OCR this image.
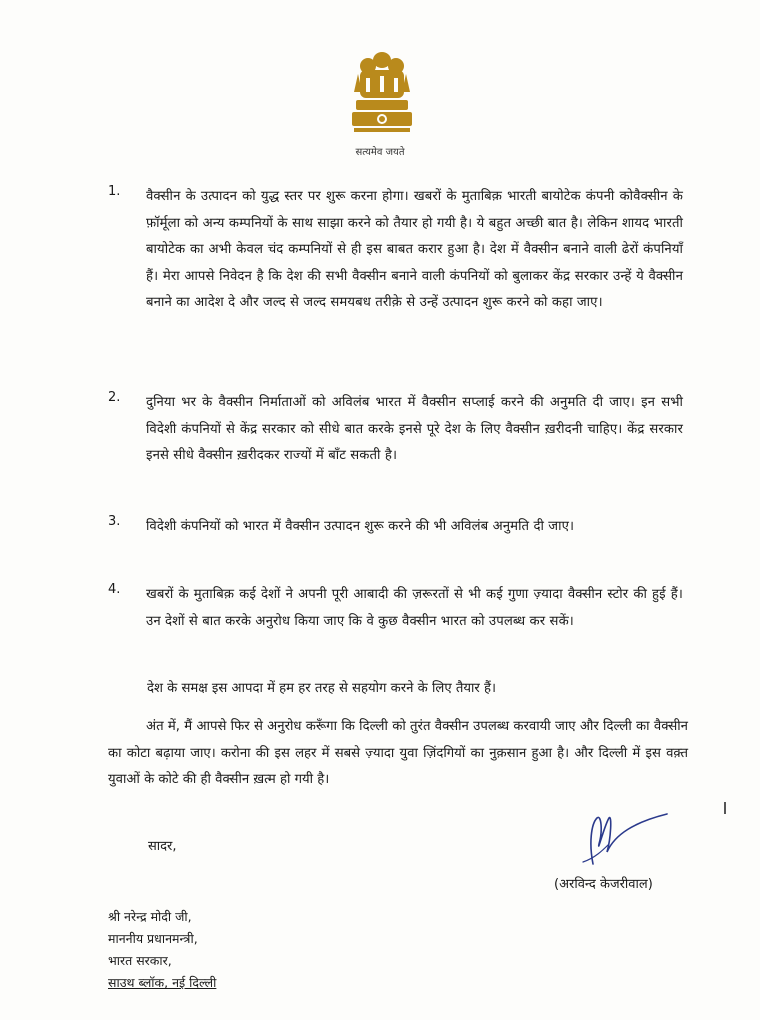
सत्यमेव जयते
1. वैक्सीन के उत्पादन को युद्ध स्तर पर शुरू करना होगा। खबरों के मुताबिक़ भारती बायोटेक कंपनी कोवैक्सीन के फ़ॉर्मूला को अन्य कम्पनियों के साथ साझा करने को तैयार हो गयी है। ये बहुत अच्छी बात है। लेकिन शायद भारती बायोटेक का अभी केवल चंद कम्पनियों से ही इस बाबत करार हुआ है। देश में वैक्सीन बनाने वाली ढेरों कंपनियाँ हैं। मेरा आपसे निवेदन है कि देश की सभी वैक्सीन बनाने वाली कंपनियों को बुलाकर केंद्र सरकार उन्हें ये वैक्सीन बनाने का आदेश दे और जल्द से जल्द समयबध तरीक़े से उन्हें उत्पादन शुरू करने को कहा जाए।
2. दुनिया भर के वैक्सीन निर्माताओं को अविलंब भारत में वैक्सीन सप्लाई करने की अनुमति दी जाए। इन सभी विदेशी कंपनियों से केंद्र सरकार को सीधे बात करके इनसे पूरे देश के लिए वैक्सीन ख़रीदनी चाहिए। केंद्र सरकार इनसे सीधे वैक्सीन ख़रीदकर राज्यों में बाँट सकती है।
3. विदेशी कंपनियों को भारत में वैक्सीन उत्पादन शुरू करने की भी अविलंब अनुमति दी जाए।
4. खबरों के मुताबिक़ कई देशों ने अपनी पूरी आबादी की ज़रूरतों से भी कई गुणा ज़्यादा वैक्सीन स्टोर की हुई हैं। उन देशों से बात करके अनुरोध किया जाए कि वे कुछ वैक्सीन भारत को उपलब्ध कर सकें।
देश के समक्ष इस आपदा में हम हर तरह से सहयोग करने के लिए तैयार हैं।
अंत में, मैं आपसे फिर से अनुरोध करूँगा कि दिल्ली को तुरंत वैक्सीन उपलब्ध करवायी जाए और दिल्ली का वैक्सीन का कोटा बढ़ाया जाए। करोना की इस लहर में सबसे ज़्यादा युवा ज़िंदगियों का नुक़सान हुआ है। और दिल्ली में इस वक़्त युवाओं के कोटे की ही वैक्सीन ख़त्म हो गयी है।
सादर,
(अरविन्द केजरीवाल)
श्री नरेन्द्र मोदी जी,
माननीय प्रधानमन्त्री,
भारत सरकार,
साउथ ब्लॉक, नई दिल्ली
